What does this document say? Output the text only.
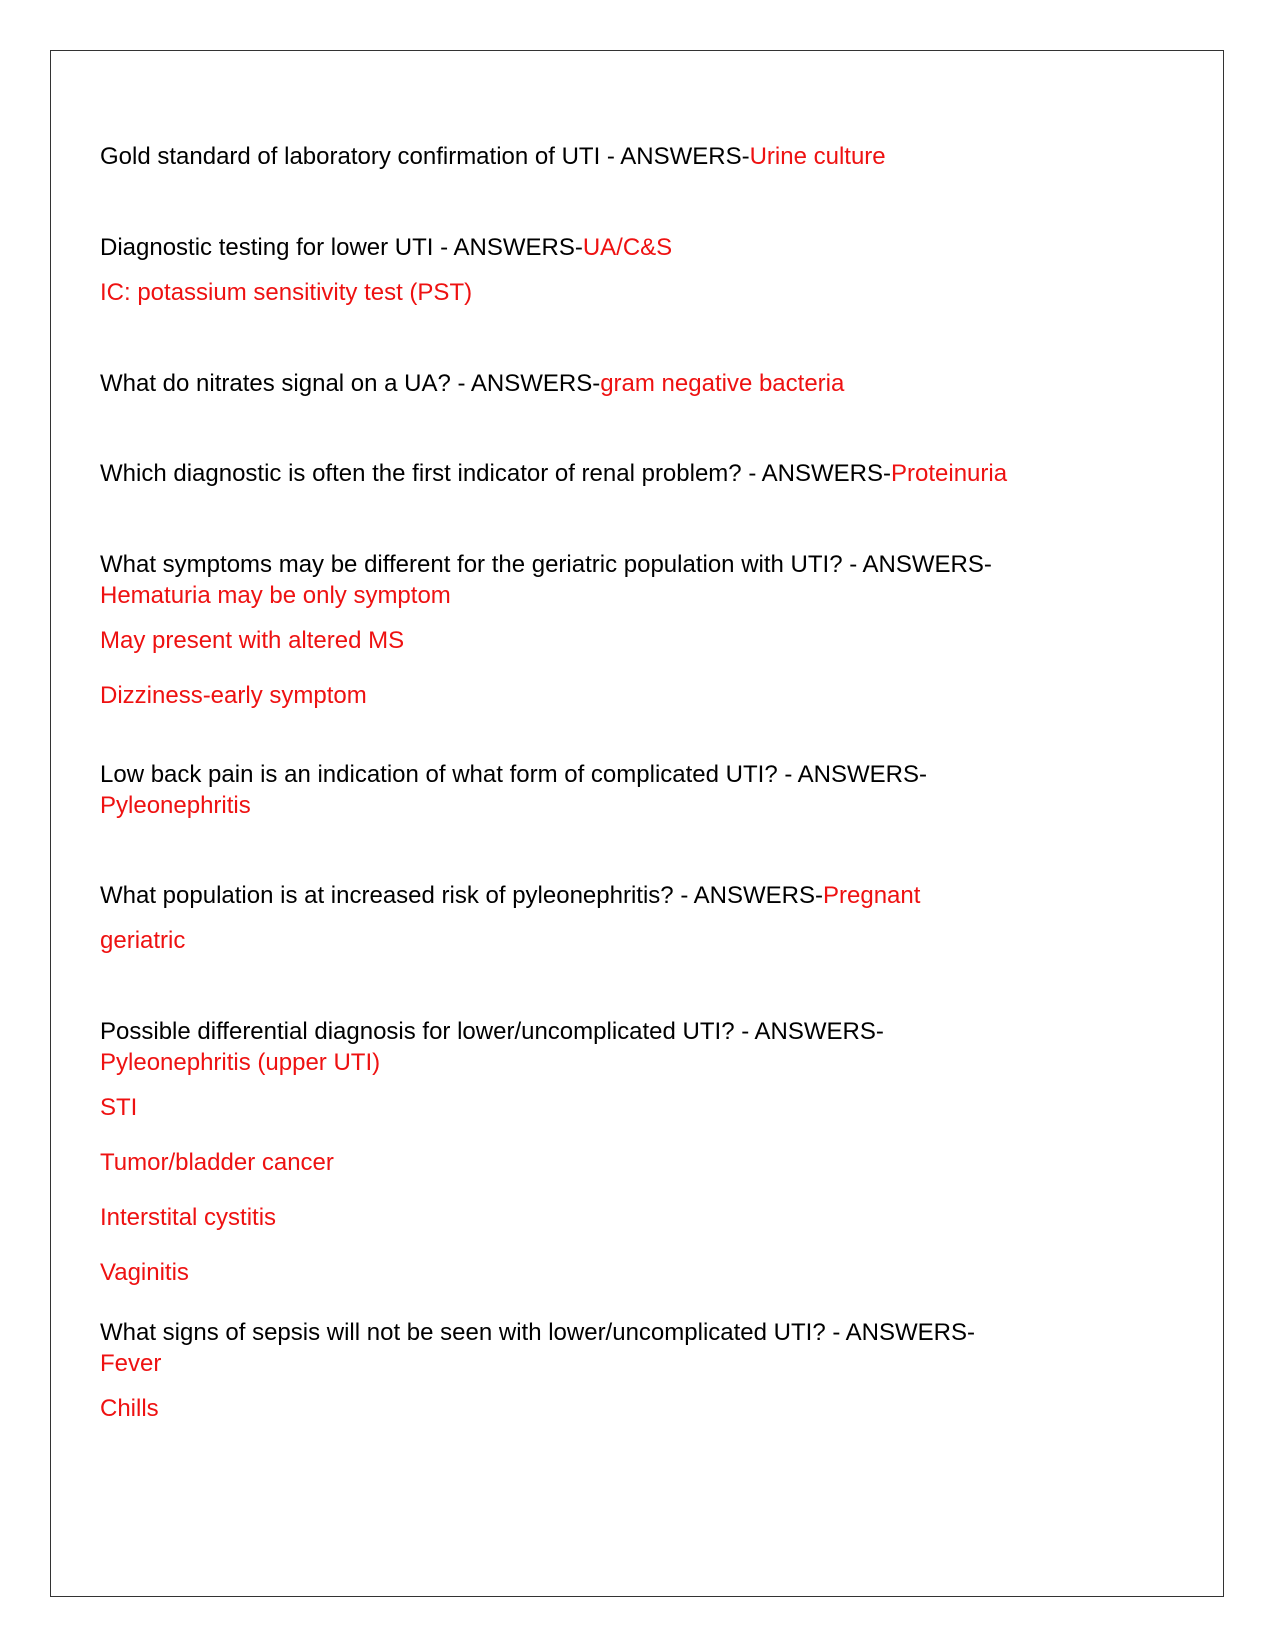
Gold standard of laboratory confirmation of UTI - ANSWERS-Urine culture

Diagnostic testing for lower UTI - ANSWERS-UA/C&S

IC: potassium sensitivity test (PST)

What do nitrates signal on a UA? - ANSWERS-gram negative bacteria

Which diagnostic is often the first indicator of renal problem? - ANSWERS-Proteinuria

What symptoms may be different for the geriatric population with UTI? - ANSWERS-

Hematuria may be only symptom

May present with altered MS

Dizziness-early symptom

Low back pain is an indication of what form of complicated UTI? - ANSWERS-

Pyleonephritis

What population is at increased risk of pyleonephritis? - ANSWERS-Pregnant

geriatric

Possible differential diagnosis for lower/uncomplicated UTI? - ANSWERS-

Pyleonephritis (upper UTI)

STI

Tumor/bladder cancer

Interstital cystitis

Vaginitis

What signs of sepsis will not be seen with lower/uncomplicated UTI? - ANSWERS-

Fever

Chills
